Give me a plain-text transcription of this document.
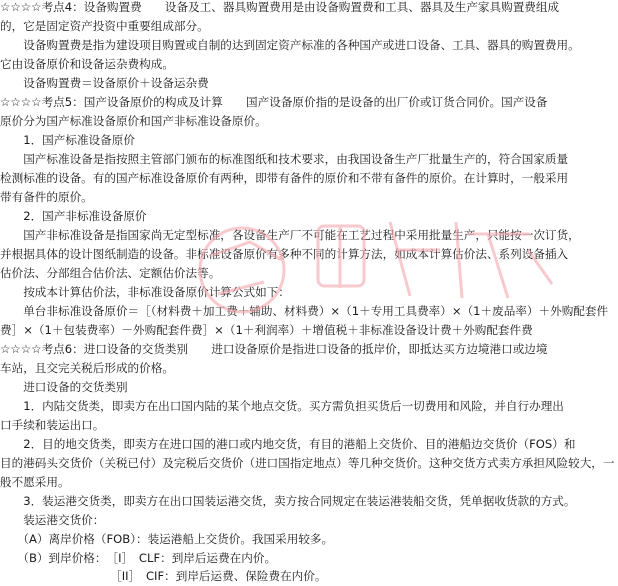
☆☆☆☆考点4：设备购置费　　设备及工、器具购置费用是由设备购置费和工具、器具及生产家具购置费组成
的，它是固定资产投资中重要组成部分。
　　设备购置费是指为建设项目购置或自制的达到固定资产标准的各种国产或进口设备、工具、器具的购置费用。
它由设备原价和设备运杂费构成。
　　设备购置费＝设备原价＋设备运杂费
☆☆☆☆考点5：国产设备原价的构成及计算　　国产设备原价指的是设备的出厂价或订货合同价。国产设备
原价分为国产标准设备原价和国产非标准设备原价。
　　1．国产标准设备原价
　　国产标准设备是指按照主管部门颁布的标准图纸和技术要求，由我国设备生产厂批量生产的，符合国家质量
检测标准的设备。有的国产标准设备原价有两种，即带有备件的原价和不带有备件的原价。在计算时，一般采用
带有备件的原价。
　　2．国产非标准设备原价
　　国产非标准设备是指国家尚无定型标准，各设备生产厂不可能在工艺过程中采用批量生产，只能按一次订货，
并根据具体的设计图纸制造的设备。非标准设备原价有多种不同的计算方法，如成本计算估价法、系列设备插入
估价法、分部组合估价法、定额估价法等。
　　按成本计算估价法，非标准设备原价计算公式如下：
　　单台非标准设备原价＝［（材料费＋加工费＋辅助、材料费）×（1＋专用工具费率）×（1＋废品率）＋外购配套件
费］×（1＋包装费率）－外购配套件费］×（1＋利润率）＋增值税＋非标准设备设计费＋外购配套件费
☆☆☆☆考点6：进口设备的交货类别　　进口设备原价是指进口设备的抵岸价，即抵达买方边境港口或边境
车站，且交完关税后形成的价格。
　　进口设备的交货类别
　　1．内陆交货类，即卖方在出口国内陆的某个地点交货。买方需负担买货后一切费用和风险，并自行办理出
口手续和装运出口。
　　2．目的地交货类，即卖方在进口国的港口或内地交货，有目的港船上交货价、目的港船边交货价（FOS）和
目的港码头交货价（关税已付）及完税后交货价（进口国指定地点）等几种交货价。这种交货方式卖方承担风险较大，一
般不愿采用。
　　3．装运港交货类，即卖方在出口国装运港交货，卖方按合同规定在装运港装船交货，凭单据收货款的方式。
　　装运港交货价：
　　（A）离岸价格（FOB）：装运港船上交货价。我国采用较多。
　　（B）到岸价格：　［I］　CLF：到岸后运费在内价。
　　　　　　　　　　［II］　CIF：到岸后运费、保险费在内价。
